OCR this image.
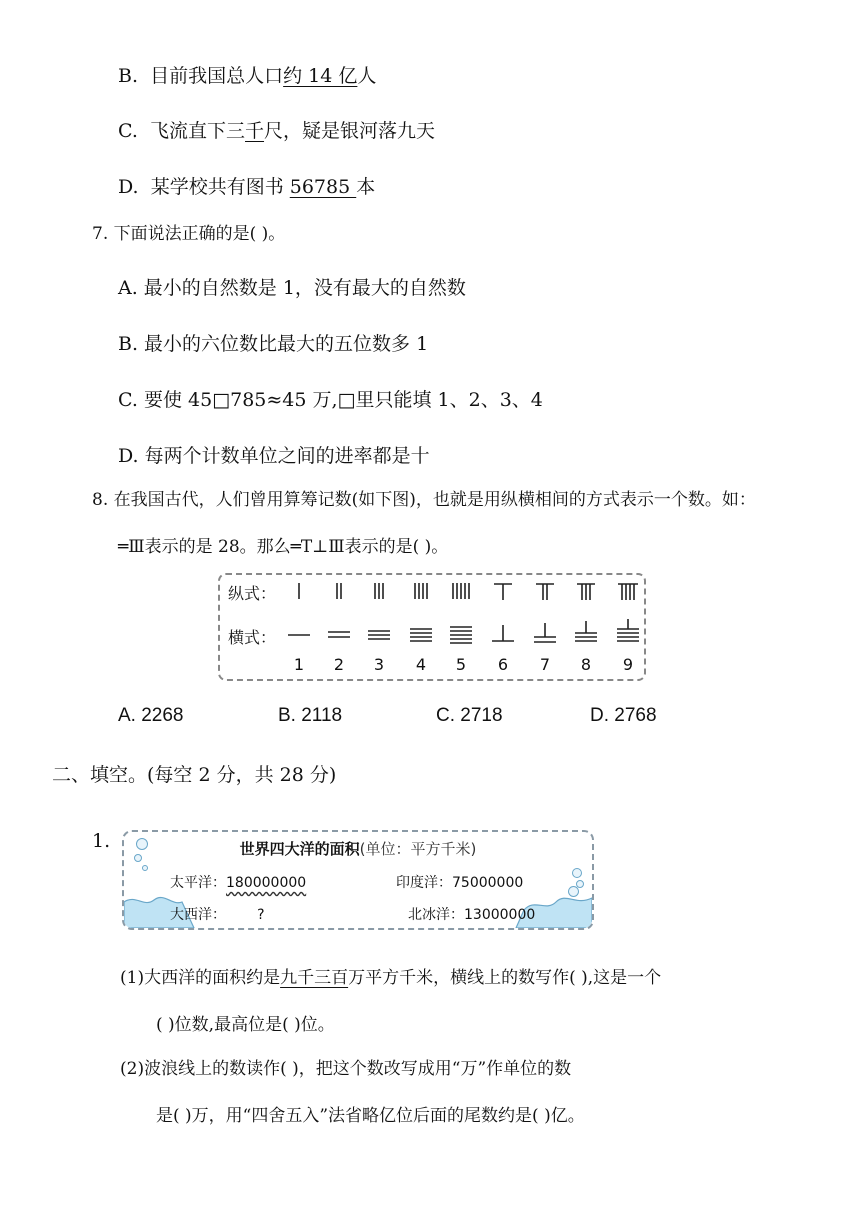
B. 目前我国总人口约 14 亿人
C. 飞流直下三千尺，疑是银河落九天
D. 某学校共有图书 56785 本
7. 下面说法正确的是( )。
A. 最小的自然数是 1，没有最大的自然数
B. 最小的六位数比最大的五位数多 1
C. 要使 45□785≈45 万,□里只能填 1、2、3、4
D. 每两个计数单位之间的进率都是十
8. 在我国古代，人们曾用算筹记数(如下图)，也就是用纵横相间的方式表示一个数。如：
═Ⅲ表示的是 28。那么═T⊥Ⅲ表示的是( )。
纵式：
横式：
1	2	3	4	5	6	7	8	9
A. 2268	B. 2118	C. 2718	D. 2768
二、填空。(每空 2 分，共 28 分)
1.	世界四大洋的面积(单位：平方千米)
太平洋：180000000	印度洋：75000000
大西洋： ?	北冰洋：13000000
(1)大西洋的面积约是九千三百万平方千米，横线上的数写作( ),这是一个
( )位数,最高位是( )位。
(2)波浪线上的数读作( )，把这个数改写成用“万”作单位的数
是( )万，用“四舍五入”法省略亿位后面的尾数约是( )亿。
